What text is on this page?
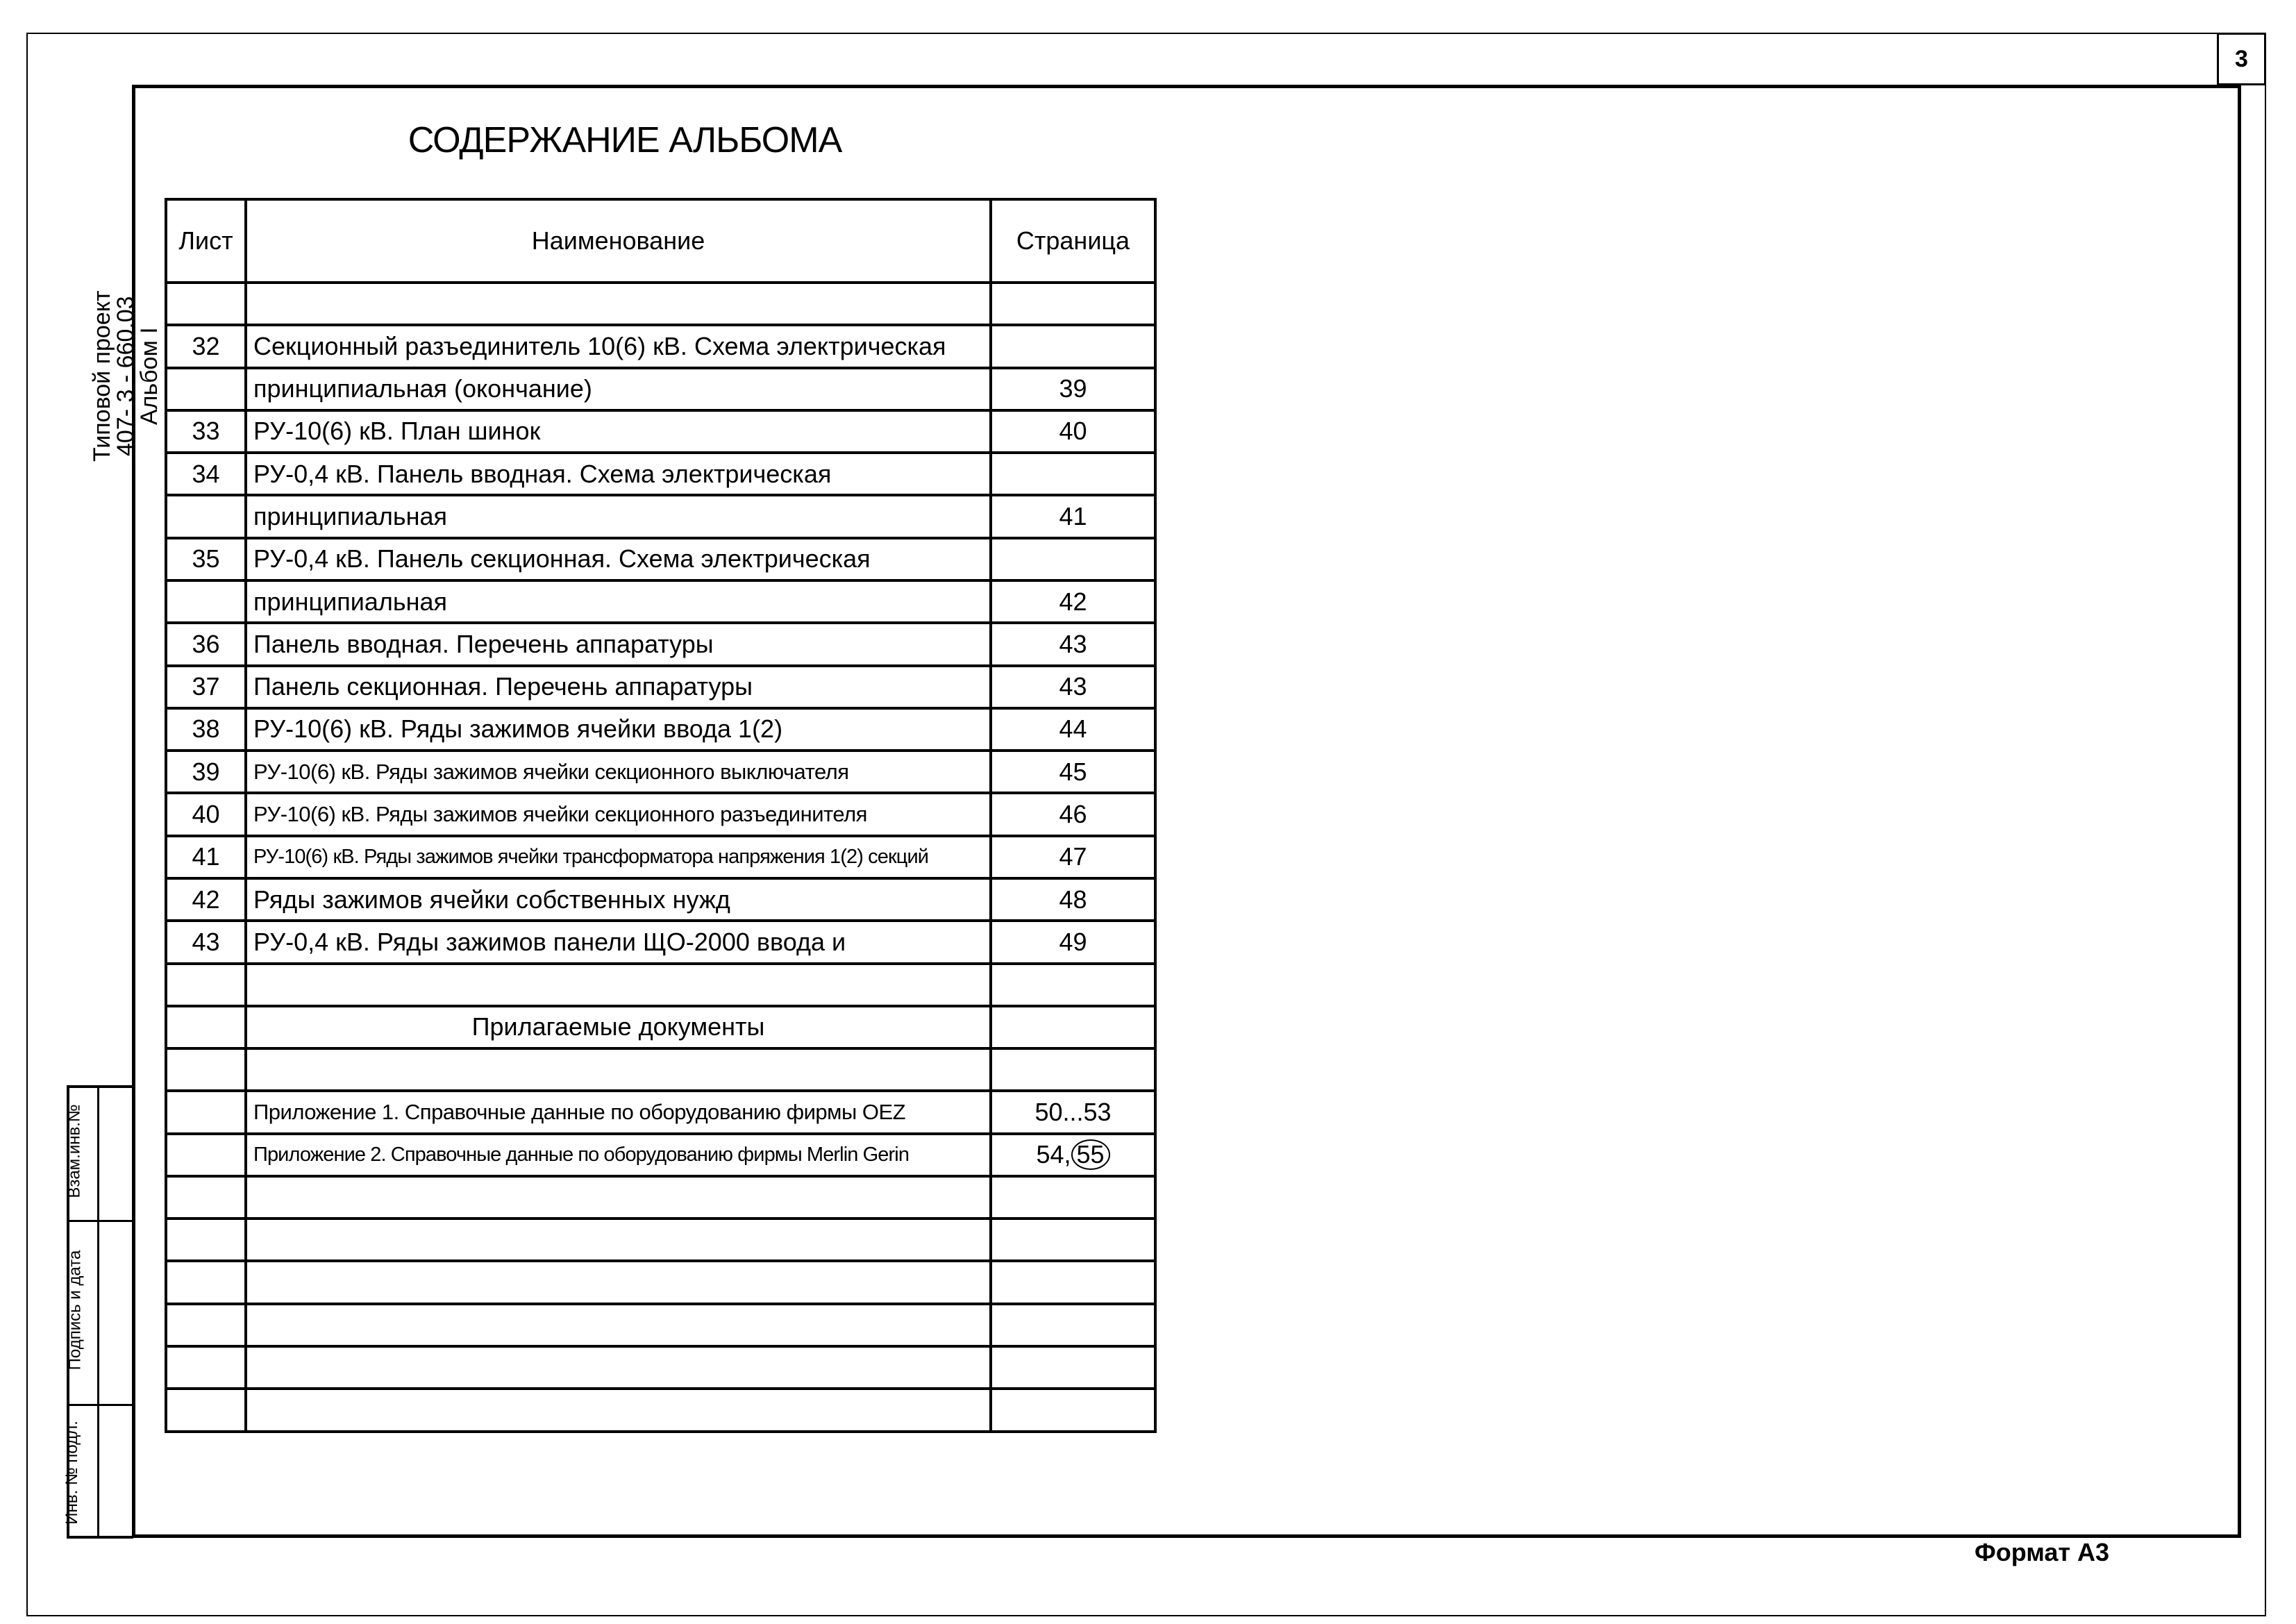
3
СОДЕРЖАНИЕ АЛЬБОМА
Типовой проект
407- 3 - 660.03
Альбом I
Взам.инв.№
Подпись и дата
Инв. № подл.
Лист	Наименование	Страница

32	Секционный разъединитель 10(6) кВ. Схема электрическая	
	принципиальная (окончание)	39
33	РУ-10(6) кВ. План шинок	40
34	РУ-0,4 кВ. Панель вводная. Схема электрическая	
	принципиальная	41
35	РУ-0,4 кВ. Панель секционная. Схема электрическая	
	принципиальная	42
36	Панель вводная. Перечень аппаратуры	43
37	Панель секционная. Перечень аппаратуры	43
38	РУ-10(6) кВ. Ряды зажимов ячейки ввода 1(2)	44
39	РУ-10(6) кВ. Ряды зажимов ячейки секционного выключателя	45
40	РУ-10(6) кВ. Ряды зажимов ячейки секционного разъединителя	46
41	РУ-10(6) кВ. Ряды зажимов ячейки трансформатора напряжения 1(2) секций	47
42	Ряды зажимов ячейки собственных нужд	48
43	РУ-0,4 кВ. Ряды зажимов панели ЩО-2000 ввода и	49

	Прилагаемые документы	

	Приложение 1. Справочные данные по оборудованию фирмы OEZ	50...53
	Приложение 2. Справочные данные по оборудованию фирмы Merlin Gerin	54, 55

Формат А3
